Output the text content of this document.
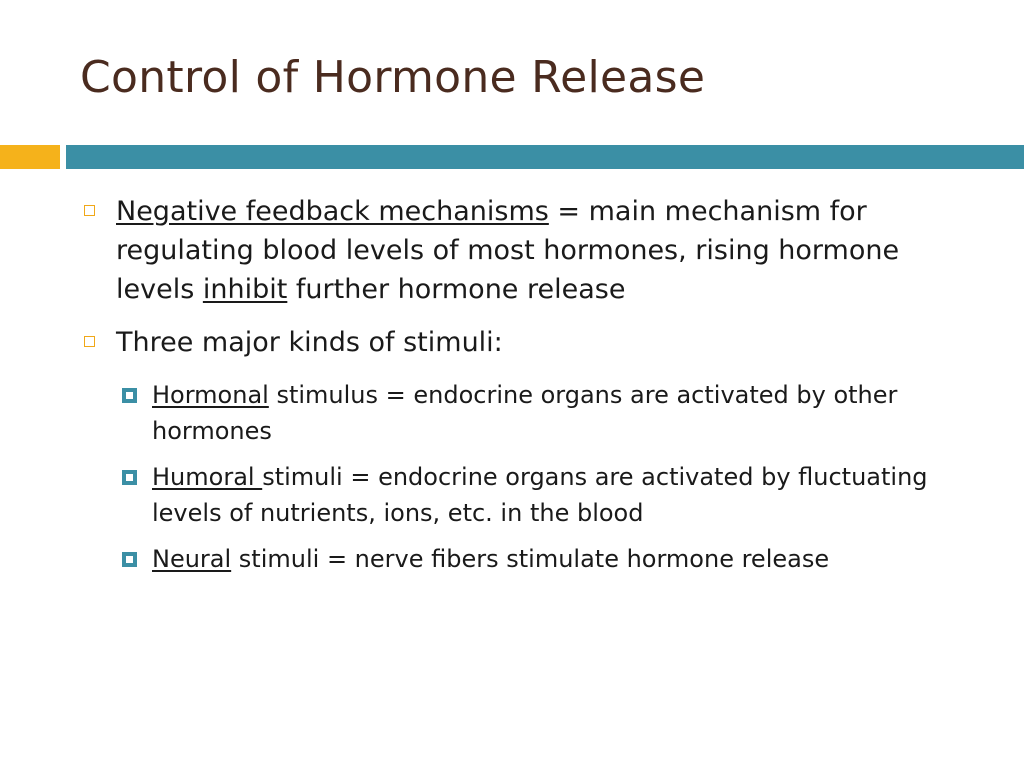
Control of Hormone Release
Negative feedback mechanisms = main mechanism for regulating blood levels of most hormones, rising hormone levels inhibit further hormone release
Three major kinds of stimuli:
Hormonal stimulus = endocrine organs are activated by other hormones
Humoral stimuli = endocrine organs are activated by fluctuating levels of nutrients, ions, etc. in the blood
Neural stimuli = nerve fibers stimulate hormone release
